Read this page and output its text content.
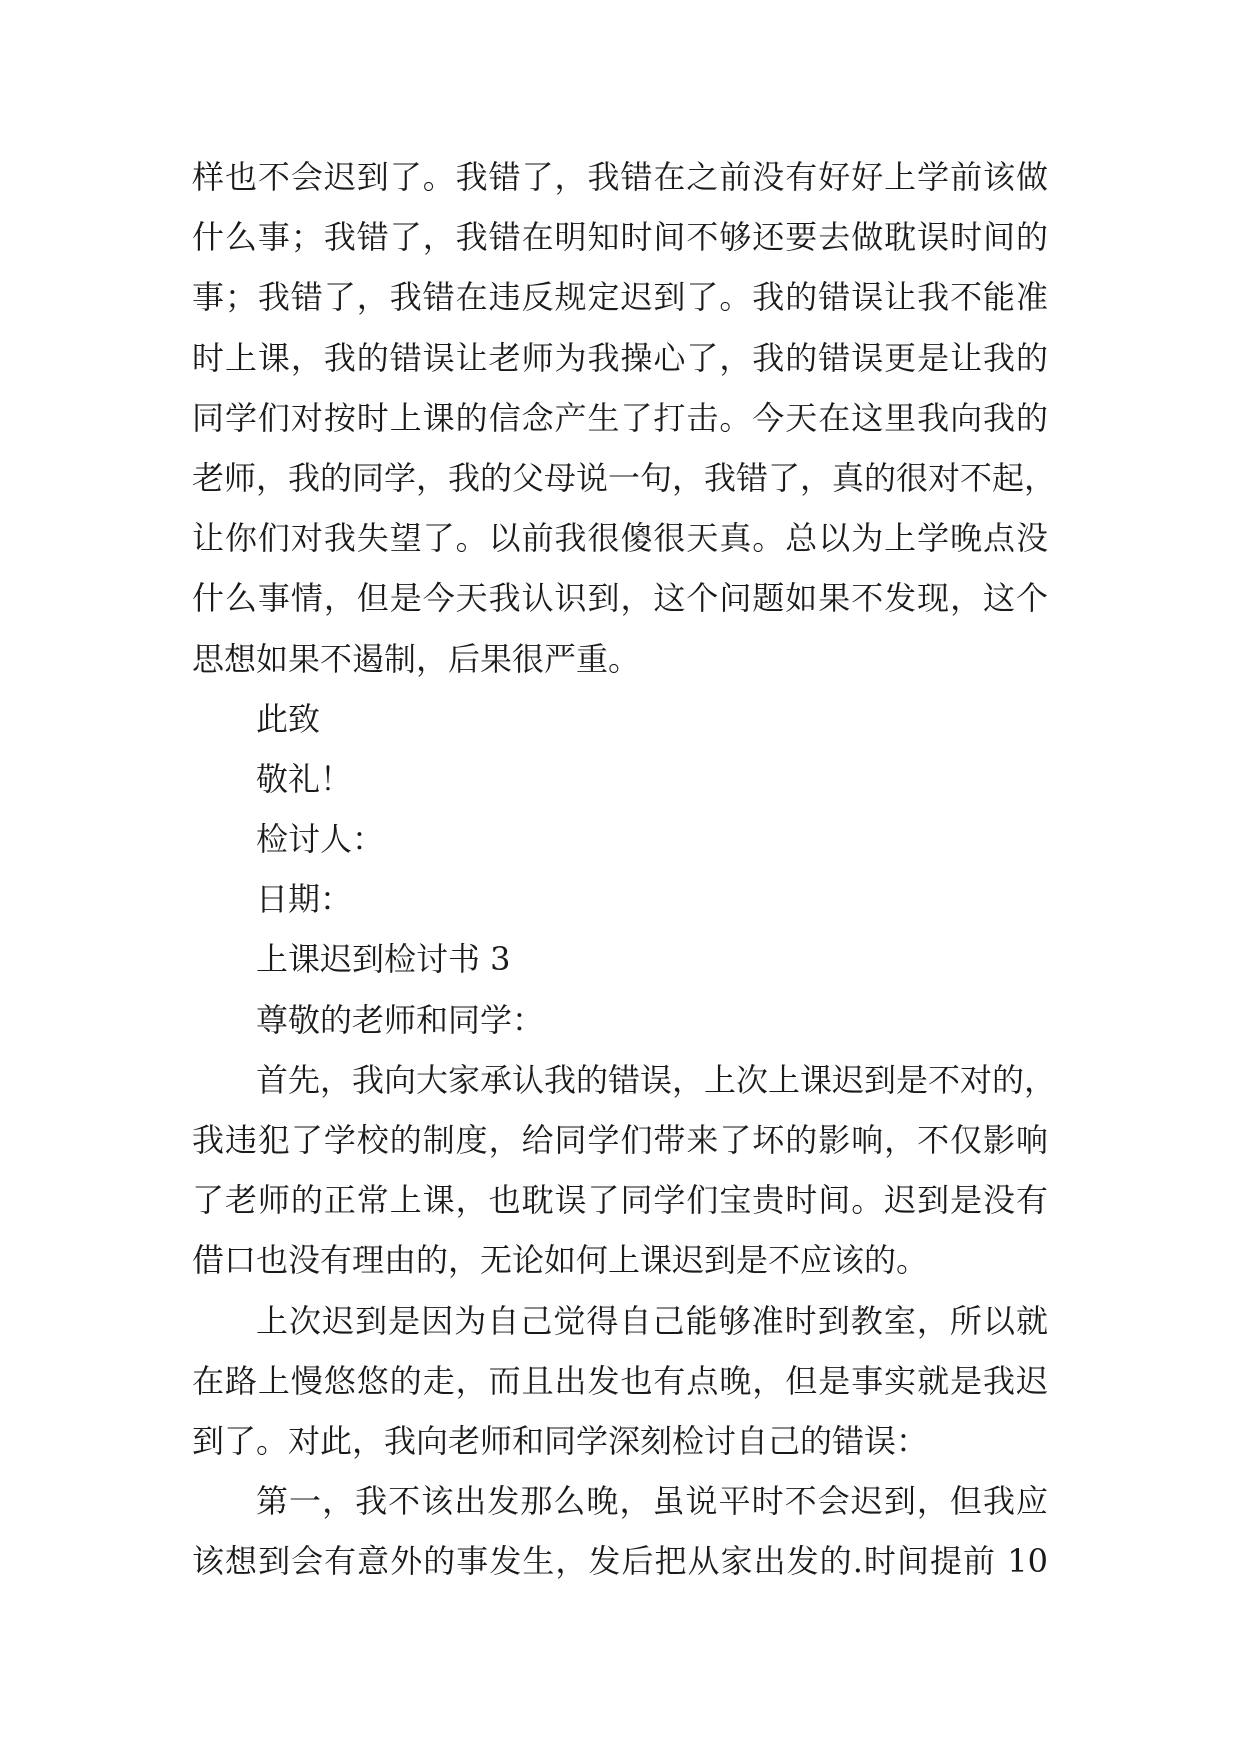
样也不会迟到了。我错了，我错在之前没有好好上学前该做
什么事；我错了，我错在明知时间不够还要去做耽误时间的
事；我错了，我错在违反规定迟到了。我的错误让我不能准
时上课，我的错误让老师为我操心了，我的错误更是让我的
同学们对按时上课的信念产生了打击。今天在这里我向我的
老师，我的同学，我的父母说一句，我错了，真的很对不起，
让你们对我失望了。以前我很傻很天真。总以为上学晚点没
什么事情，但是今天我认识到，这个问题如果不发现，这个
思想如果不遏制，后果很严重。
此致
敬礼！
检讨人：
日期：
上课迟到检讨书 3
尊敬的老师和同学：
首先，我向大家承认我的错误，上次上课迟到是不对的，
我违犯了学校的制度，给同学们带来了坏的影响，不仅影响
了老师的正常上课，也耽误了同学们宝贵时间。迟到是没有
借口也没有理由的，无论如何上课迟到是不应该的。
上次迟到是因为自己觉得自己能够准时到教室，所以就
在路上慢悠悠的走，而且出发也有点晚，但是事实就是我迟
到了。对此，我向老师和同学深刻检讨自己的错误：
第一，我不该出发那么晚，虽说平时不会迟到，但我应
该想到会有意外的事发生，发后把从家出发的.时间提前 10
